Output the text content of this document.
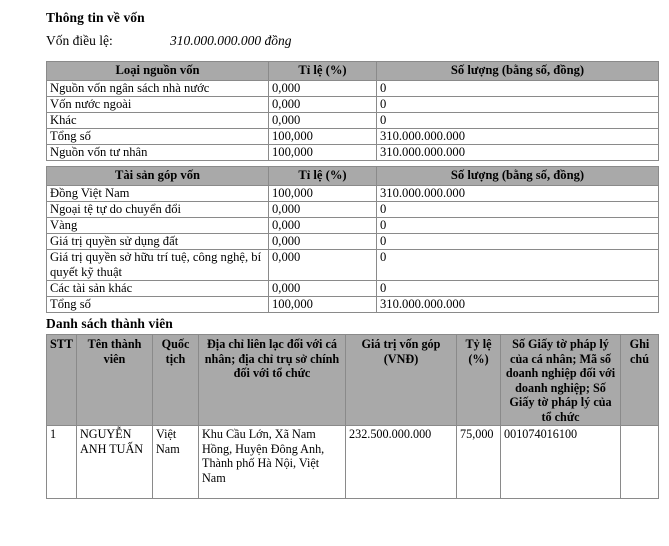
Thông tin về vốn
Vốn điều lệ:	310.000.000.000 đồng
Loại nguồn vốn	Tỉ lệ (%)	Số lượng (bằng số, đồng)
Nguồn vốn ngân sách nhà nước	0,000	0
Vốn nước ngoài	0,000	0
Khác	0,000	0
Tổng số	100,000	310.000.000.000
Nguồn vốn tư nhân	100,000	310.000.000.000
Tài sản góp vốn	Tỉ lệ (%)	Số lượng (bằng số, đồng)
Đồng Việt Nam	100,000	310.000.000.000
Ngoại tệ tự do chuyển đổi	0,000	0
Vàng	0,000	0
Giá trị quyền sử dụng đất	0,000	0
Giá trị quyền sở hữu trí tuệ, công nghệ, bí quyết kỹ thuật	0,000	0
Các tài sản khác	0,000	0
Tổng số	100,000	310.000.000.000
Danh sách thành viên
STT	Tên thành viên	Quốc tịch	Địa chỉ liên lạc đối với cá nhân; địa chỉ trụ sở chính đối với tổ chức	Giá trị vốn góp (VNĐ)	Tỷ lệ (%)	Số Giấy tờ pháp lý của cá nhân; Mã số doanh nghiệp đối với doanh nghiệp; Số Giấy tờ pháp lý của tổ chức	Ghi chú
1	NGUYỄN ANH TUẤN	Việt Nam	Khu Cầu Lớn, Xã Nam Hồng, Huyện Đông Anh, Thành phố Hà Nội, Việt Nam	232.500.000.000	75,000	001074016100	
